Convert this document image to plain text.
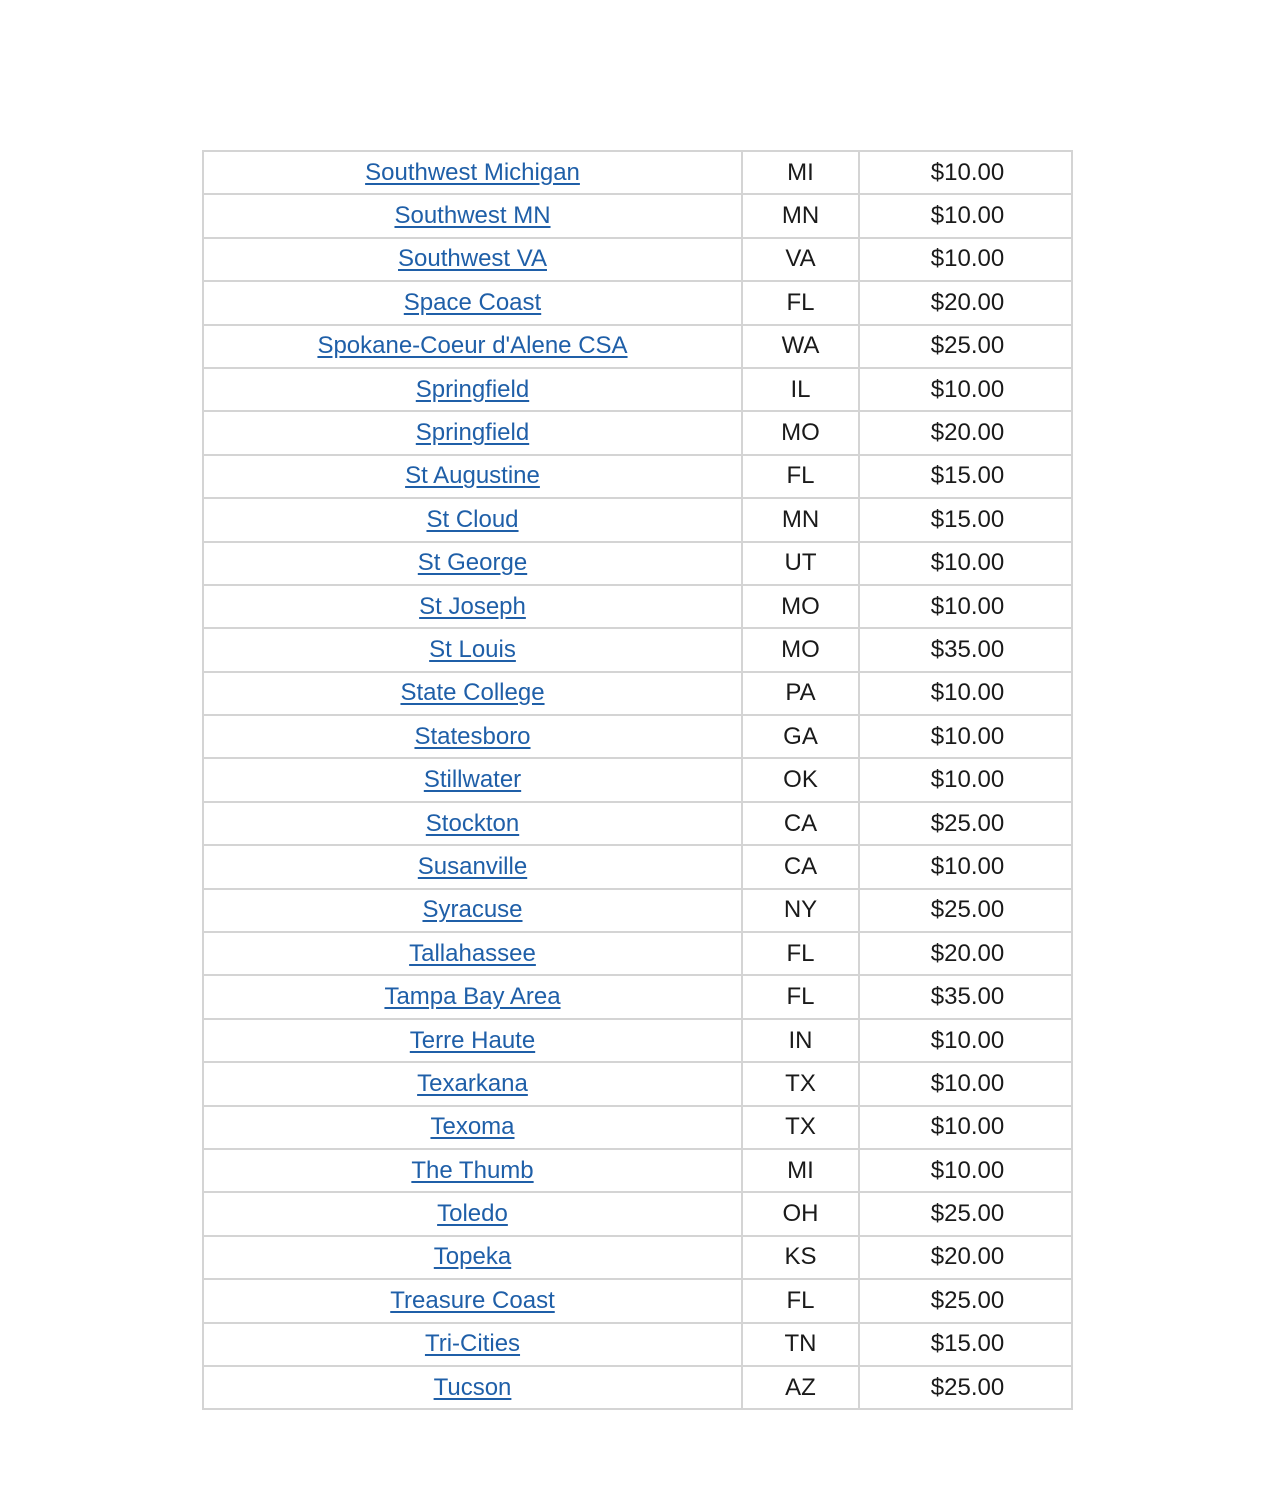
Southwest Michigan	MI	$10.00
Southwest MN	MN	$10.00
Southwest VA	VA	$10.00
Space Coast	FL	$20.00
Spokane-Coeur d'Alene CSA	WA	$25.00
Springfield	IL	$10.00
Springfield	MO	$20.00
St Augustine	FL	$15.00
St Cloud	MN	$15.00
St George	UT	$10.00
St Joseph	MO	$10.00
St Louis	MO	$35.00
State College	PA	$10.00
Statesboro	GA	$10.00
Stillwater	OK	$10.00
Stockton	CA	$25.00
Susanville	CA	$10.00
Syracuse	NY	$25.00
Tallahassee	FL	$20.00
Tampa Bay Area	FL	$35.00
Terre Haute	IN	$10.00
Texarkana	TX	$10.00
Texoma	TX	$10.00
The Thumb	MI	$10.00
Toledo	OH	$25.00
Topeka	KS	$20.00
Treasure Coast	FL	$25.00
Tri-Cities	TN	$15.00
Tucson	AZ	$25.00
